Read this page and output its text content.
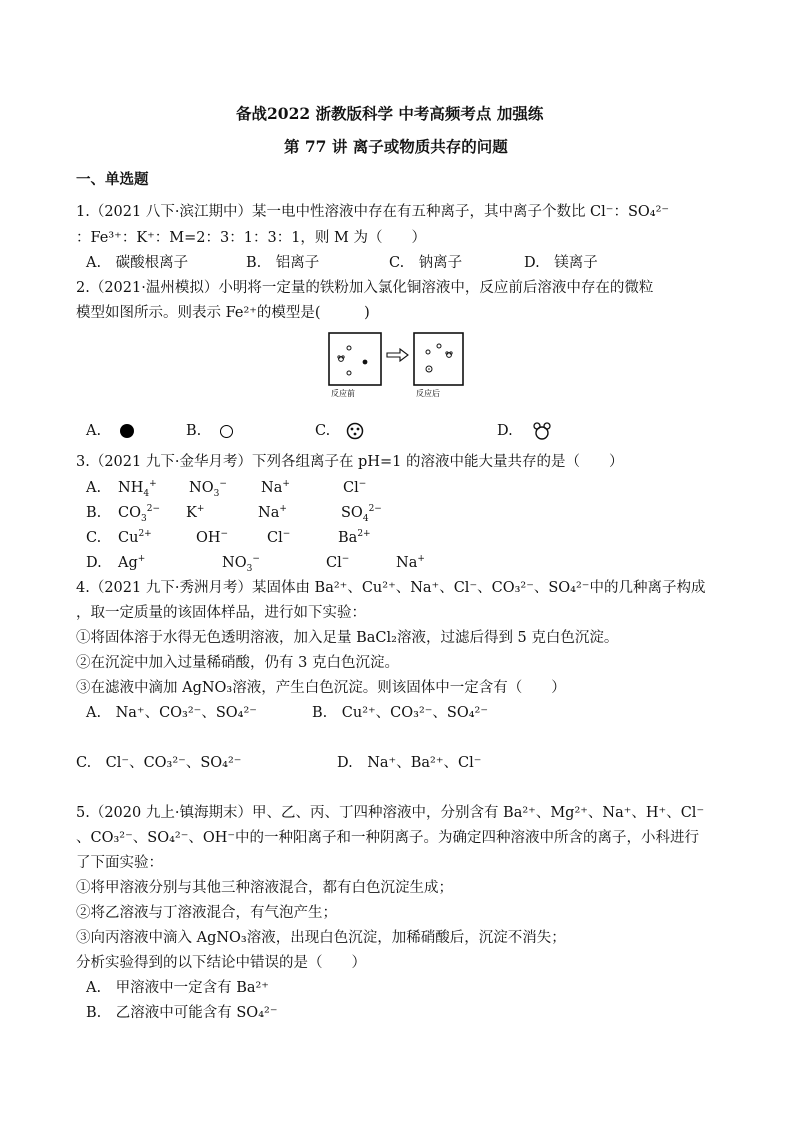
备战2022 浙教版科学 中考高频考点 加强练
第 77 讲 离子或物质共存的问题
一、单选题
1.（2021 八下·滨江期中）某一电中性溶液中存在有五种离子，其中离子个数比 Cl⁻：SO₄²⁻
：Fe³⁺：K⁺：M=2：3：1：3：1，则 M 为（　　）
A.　碳酸根离子	B.　铝离子	C.　钠离子	D.　镁离子
2.（2021·温州模拟）小明将一定量的铁粉加入氯化铜溶液中，反应前后溶液中存在的微粒
模型如图所示。则表示 Fe²⁺的模型是(　　　)
反应前	反应后
A.	B.	C.	D.
3.（2021 九下·金华月考）下列各组离子在 pH=1 的溶液中能大量共存的是（　　）
A. $NH_4^+$ $NO_3^-$ Na+	Cl−
B. $CO_3^{2-}$ K+	Na+	$SO_4^{2-}$
C. $Cu^{2+}$	OH−	Cl−	$Ba^{2+}$
D. Ag+	$NO_3^-$	Cl−	Na+
4.（2021 九下·秀洲月考）某固体由 Ba²⁺、Cu²⁺、Na⁺、Cl⁻、CO₃²⁻、SO₄²⁻中的几种离子构成
，取一定质量的该固体样品，进行如下实验：
①将固体溶于水得无色透明溶液，加入足量 BaCl₂溶液，过滤后得到 5 克白色沉淀。
②在沉淀中加入过量稀硝酸，仍有 3 克白色沉淀。
③在滤液中滴加 AgNO₃溶液，产生白色沉淀。则该固体中一定含有（　　）
A.　Na⁺、CO₃²⁻、SO₄²⁻	B.　Cu²⁺、CO₃²⁻、SO₄²⁻
C.　Cl⁻、CO₃²⁻、SO₄²⁻	D.　Na⁺、Ba²⁺、Cl⁻
5.（2020 九上·镇海期末）甲、乙、丙、丁四种溶液中，分别含有 Ba²⁺、Mg²⁺、Na⁺、H⁺、Cl⁻
、CO₃²⁻、SO₄²⁻、OH⁻中的一种阳离子和一种阴离子。为确定四种溶液中所含的离子，小科进行
了下面实验：
①将甲溶液分别与其他三种溶液混合，都有白色沉淀生成；
②将乙溶液与丁溶液混合，有气泡产生；
③向丙溶液中滴入 AgNO₃溶液，出现白色沉淀，加稀硝酸后，沉淀不消失；
分析实验得到的以下结论中错误的是（　　）
A.　甲溶液中一定含有 Ba²⁺
B.　乙溶液中可能含有 SO₄²⁻
